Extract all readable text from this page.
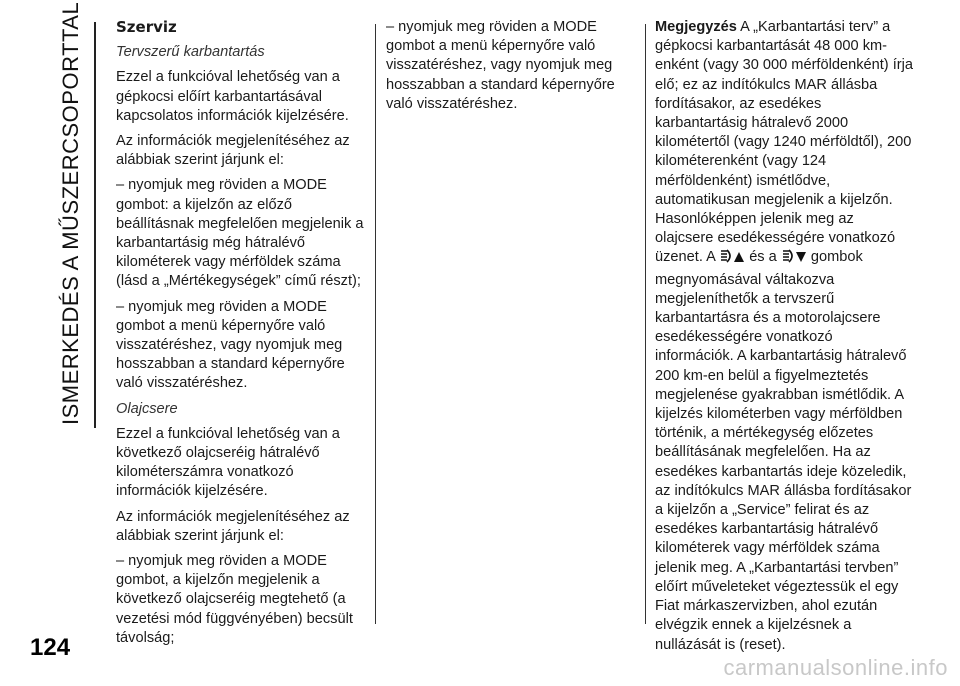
ISMERKEDÉS A MŰSZERCSOPORTTAL
124

Szerviz

Tervszerű karbantartás

Ezzel a funkcióval lehetőség van a gépkocsi előírt karbantartásával kapcsolatos információk kijelzésére.

Az információk megjelenítéséhez az alábbiak szerint járjunk el:

– nyomjuk meg röviden a MODE gombot: a kijelzőn az előző beállításnak megfelelően megjelenik a karbantartásig még hátralévő kilométerek vagy mérföldek száma (lásd a „Mértékegységek” című részt);

– nyomjuk meg röviden a MODE gombot a menü képernyőre való visszatéréshez, vagy nyomjuk meg hosszabban a standard képernyőre való visszatéréshez.

Olajcsere

Ezzel a funkcióval lehetőség van a következő olajcseréig hátralévő kilométerszámra vonatkozó információk kijelzésére.

Az információk megjelenítéséhez az alábbiak szerint járjunk el:

– nyomjuk meg röviden a MODE gombot, a kijelzőn megjelenik a következő olajcseréig megtehető (a vezetési mód függvényében) becsült távolság;

– nyomjuk meg röviden a MODE gombot a menü képernyőre való visszatéréshez, vagy nyomjuk meg hosszabban a standard képernyőre való visszatéréshez.

Megjegyzés A „Karbantartási terv” a gépkocsi karbantartását 48 000 km-enként (vagy 30 000 mérföldenként) írja elő; ez az indítókulcs MAR állásba fordításakor, az esedékes karbantartásig hátralevő 2000 kilométertől (vagy 1240 mérföldtől), 200 kilométerenként (vagy 124 mérföldenként) ismétlődve, automatikusan megjelenik a kijelzőn. Hasonlóképpen jelenik meg az olajcsere esedékességére vonatkozó üzenet. A és a gombok megnyomásával váltakozva megjeleníthetők a tervszerű karbantartásra és a motorolajcsere esedékességére vonatkozó információk. A karbantartásig hátralevő 200 km-en belül a figyelmeztetés megjelenése gyakrabban ismétlődik. A kijelzés kilométerben vagy mérföldben történik, a mértékegység előzetes beállításának megfelelően. Ha az esedékes karbantartás ideje közeledik, az indítókulcs MAR állásba fordításakor a kijelzőn a „Service” felirat és az esedékes karbantartásig hátralévő kilométerek vagy mérföldek száma jelenik meg. A „Karbantartási tervben” előírt műveleteket végeztessük el egy Fiat márkaszervizben, ahol ezután elvégzik ennek a kijelzésnek a nullázását is (reset).

carmanualsonline.info
